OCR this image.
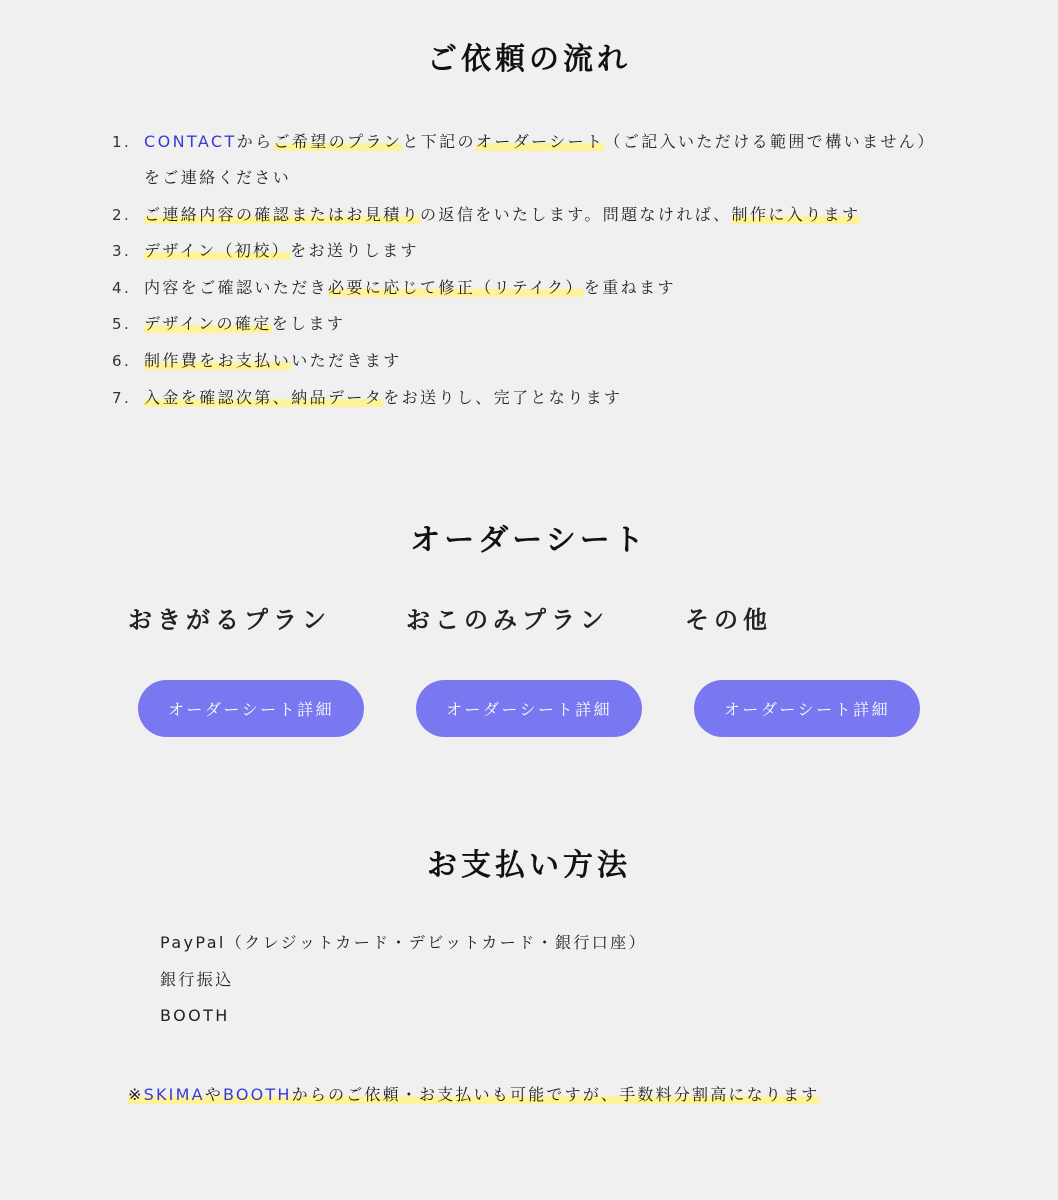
ご依頼の流れ
1. CONTACTからご希望のプランと下記のオーダーシート（ご記入いただける範囲で構いません）をご連絡ください
2. ご連絡内容の確認またはお見積りの返信をいたします。問題なければ、制作に入ります
3. デザイン（初校）をお送りします
4. 内容をご確認いただき必要に応じて修正（リテイク）を重ねます
5. デザインの確定をします
6. 制作費をお支払いいただきます
7. 入金を確認次第、納品データをお送りし、完了となります
オーダーシート
おきがるプラン	おこのみプラン	その他
オーダーシート詳細	オーダーシート詳細	オーダーシート詳細
お支払い方法
PayPal（クレジットカード・デビットカード・銀行口座）
銀行振込
BOOTH

※SKIMAやBOOTHからのご依頼・お支払いも可能ですが、手数料分割高になります
